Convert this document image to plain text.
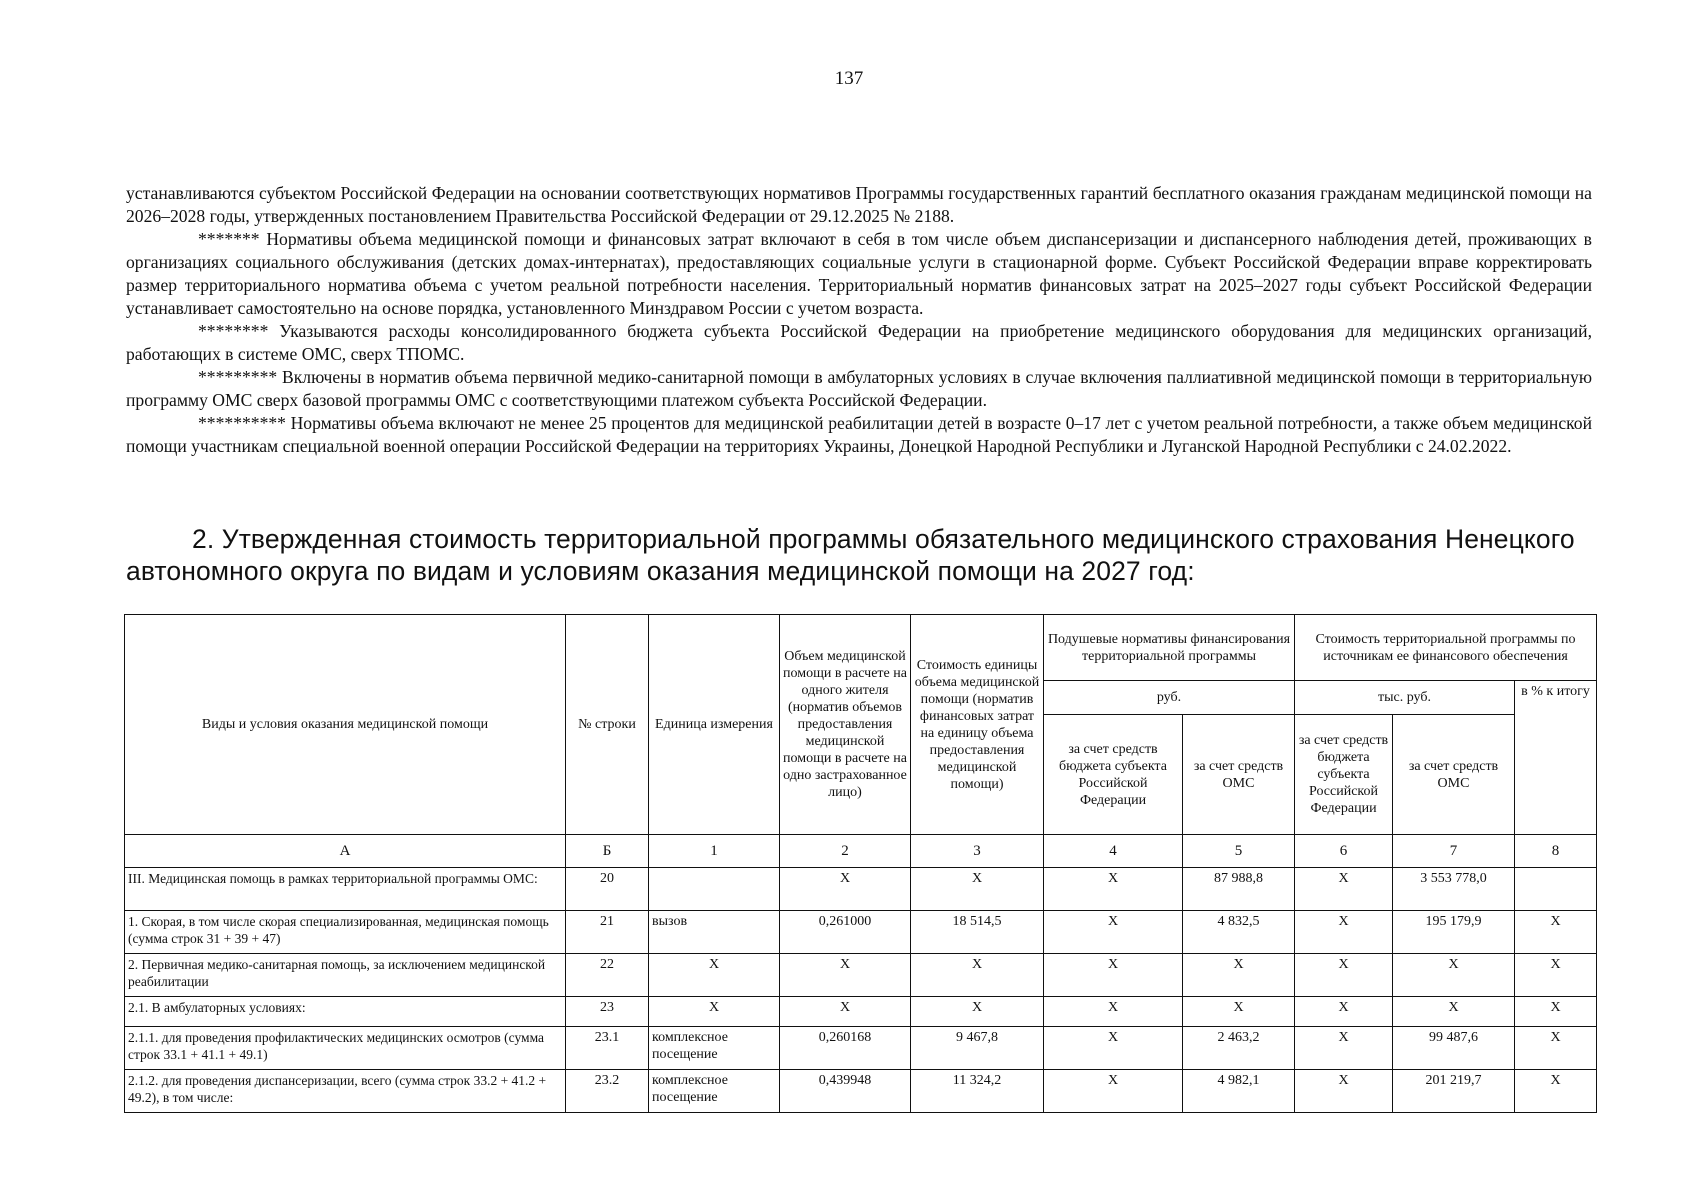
137

устанавливаются субъектом Российской Федерации на основании соответствующих нормативов Программы государственных гарантий бесплатного оказания гражданам медицинской помощи на 2026–2028 годы, утвержденных постановлением Правительства Российской Федерации от 29.12.2025 № 2188.

******* Нормативы объема медицинской помощи и финансовых затрат включают в себя в том числе объем диспансеризации и диспансерного наблюдения детей, проживающих в организациях социального обслуживания (детских домах-интернатах), предоставляющих социальные услуги в стационарной форме. Субъект Российской Федерации вправе корректировать размер территориального норматива объема с учетом реальной потребности населения. Территориальный норматив финансовых затрат на 2025–2027 годы субъект Российской Федерации устанавливает самостоятельно на основе порядка, установленного Минздравом России с учетом возраста.

******** Указываются расходы консолидированного бюджета субъекта Российской Федерации на приобретение медицинского оборудования для медицинских организаций, работающих в системе ОМС, сверх ТПОМС.

********* Включены в норматив объема первичной медико-санитарной помощи в амбулаторных условиях в случае включения паллиативной медицинской помощи в территориальную программу ОМС сверх базовой программы ОМС с соответствующими платежом субъекта Российской Федерации.

********** Нормативы объема включают не менее 25 процентов для медицинской реабилитации детей в возрасте 0–17 лет с учетом реальной потребности, а также объем медицинской помощи участникам специальной военной операции Российской Федерации на территориях Украины, Донецкой Народной Республики и Луганской Народной Республики с 24.02.2022.

2. Утвержденная стоимость территориальной программы обязательного медицинского страхования Ненецкого автономного округа по видам и условиям оказания медицинской помощи на 2027 год:
Виды и условия оказания медицинской помощи	№ строки	Единица измерения	Объем медицинской помощи в расчете на одного жителя (норматив объемов предоставления медицинской помощи в расчете на одно застрахованное лицо)	Стоимость единицы объема медицинской помощи (норматив финансовых затрат на единицу объема предоставления медицинской помощи)	Подушевые нормативы финансирования территориальной программы		Стоимость территориальной программы по источникам ее финансового обеспечения		
					руб.		тыс. руб.		в % к итогу
					за счет средств бюджета субъекта Российской Федерации	за счет средств ОМС	за счет средств бюджета субъекта Российской Федерации	за счет средств ОМС	
А	Б	1	2	3	4	5	6	7	8
III. Медицинская помощь в рамках территориальной программы ОМС:	20		X	X	X	87 988,8	X	3 553 778,0	
1. Скорая, в том числе скорая специализированная, медицинская помощь (сумма строк 31 + 39 + 47)	21	вызов	0,261000	18 514,5	X	4 832,5	X	195 179,9	X
2. Первичная медико-санитарная помощь, за исключением медицинской реабилитации	22	X	X	X	X	X	X	X	X
2.1. В амбулаторных условиях:	23	X	X	X	X	X	X	X	X
2.1.1. для проведения профилактических медицинских осмотров (сумма строк 33.1 + 41.1 + 49.1)	23.1	комплексное посещение	0,260168	9 467,8	X	2 463,2	X	99 487,6	X
2.1.2. для проведения диспансеризации, всего (сумма строк 33.2 + 41.2 + 49.2), в том числе:	23.2	комплексное посещение	0,439948	11 324,2	X	4 982,1	X	201 219,7	X
